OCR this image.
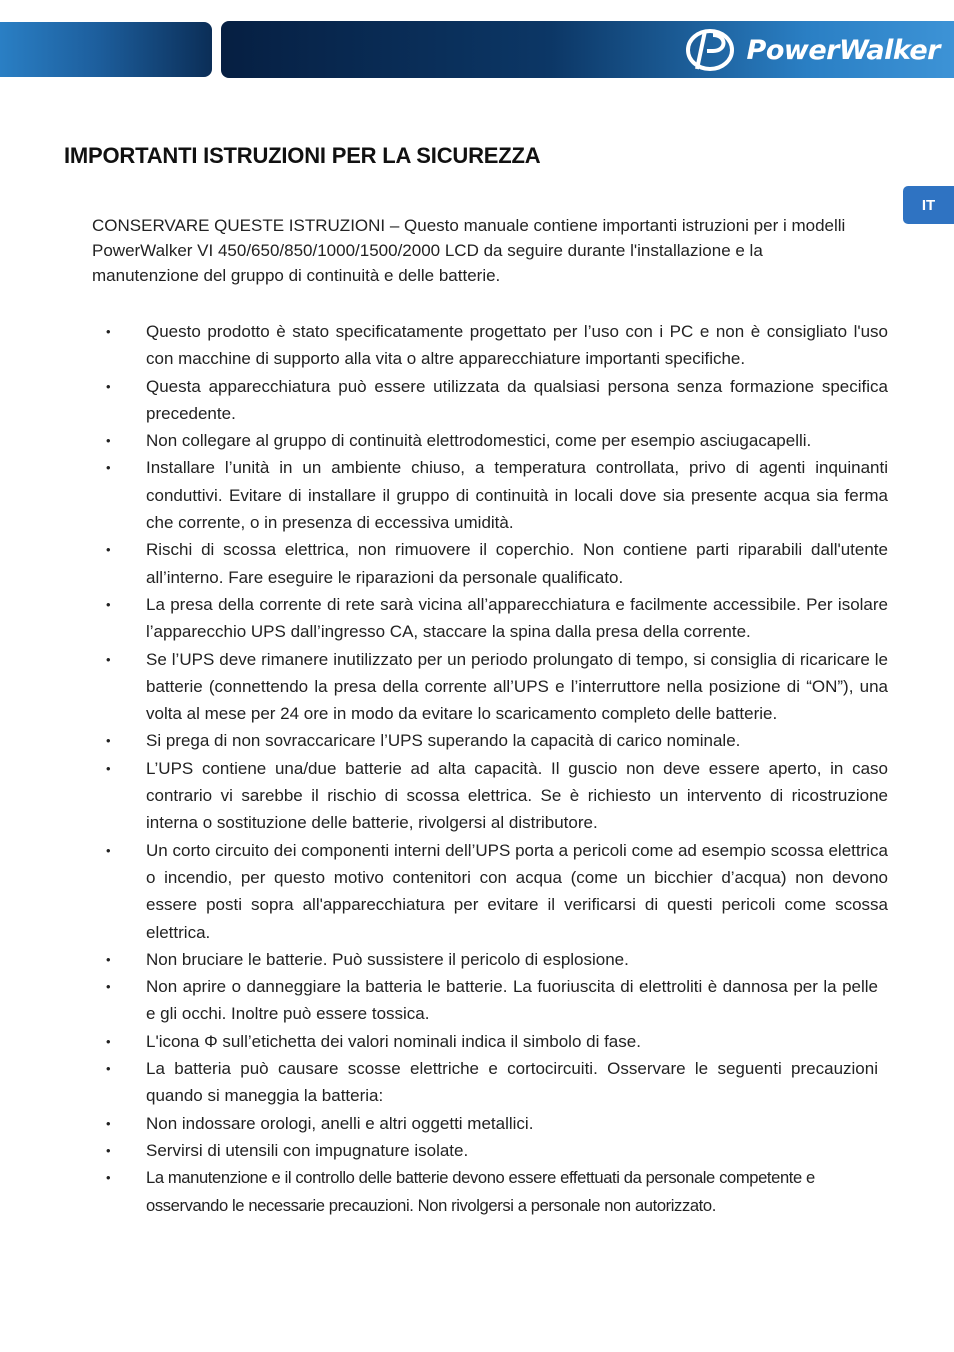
PowerWalker
IT
IMPORTANTI ISTRUZIONI PER LA SICUREZZA

CONSERVARE QUESTE ISTRUZIONI – Questo manuale contiene importanti istruzioni per i modelli PowerWalker VI 450/650/850/1000/1500/2000 LCD da seguire durante l'installazione e la manutenzione del gruppo di continuità e delle batterie.

• Questo prodotto è stato specificatamente progettato per l’uso con i PC e non è consigliato l'uso con macchine di supporto alla vita o altre apparecchiature importanti specifiche.
• Questa apparecchiatura può essere utilizzata da qualsiasi persona senza formazione specifica precedente.
• Non collegare al gruppo di continuità elettrodomestici, come per esempio asciugacapelli.
• Installare l’unità in un ambiente chiuso, a temperatura controllata, privo di agenti inquinanti conduttivi. Evitare di installare il gruppo di continuità in locali dove sia presente acqua sia ferma che corrente, o in presenza di eccessiva umidità.
• Rischi di scossa elettrica, non rimuovere il coperchio. Non contiene parti riparabili dall'utente all’interno. Fare eseguire le riparazioni da personale qualificato.
• La presa della corrente di rete sarà vicina all’apparecchiatura e facilmente accessibile. Per isolare l’apparecchio UPS dall’ingresso CA, staccare la spina dalla presa della corrente.
• Se l’UPS deve rimanere inutilizzato per un periodo prolungato di tempo, si consiglia di ricaricare le batterie (connettendo la presa della corrente all’UPS e l’interruttore nella posizione di “ON”), una volta al mese per 24 ore in modo da evitare lo scaricamento completo delle batterie.
• Si prega di non sovraccaricare l’UPS superando la capacità di carico nominale.
• L’UPS contiene una/due batterie ad alta capacità. Il guscio non deve essere aperto, in caso contrario vi sarebbe il rischio di scossa elettrica. Se è richiesto un intervento di ricostruzione interna o sostituzione delle batterie, rivolgersi al distributore.
• Un corto circuito dei componenti interni dell’UPS porta a pericoli come ad esempio scossa elettrica o incendio, per questo motivo contenitori con acqua (come un bicchier d’acqua) non devono essere posti sopra all'apparecchiatura per evitare il verificarsi di questi pericoli come scossa elettrica.
• Non bruciare le batterie. Può sussistere il pericolo di esplosione.
• Non aprire o danneggiare la batteria le batterie. La fuoriuscita di elettroliti è dannosa per la pelle e gli occhi. Inoltre può essere tossica.
• L'icona Φ sull’etichetta dei valori nominali indica il simbolo di fase.
• La batteria può causare scosse elettriche e cortocircuiti. Osservare le seguenti precauzioni quando si maneggia la batteria:
• Non indossare orologi, anelli e altri oggetti metallici.
• Servirsi di utensili con impugnature isolate.
• La manutenzione e il controllo delle batterie devono essere effettuati da personale competente e osservando le necessarie precauzioni. Non rivolgersi a personale non autorizzato.
